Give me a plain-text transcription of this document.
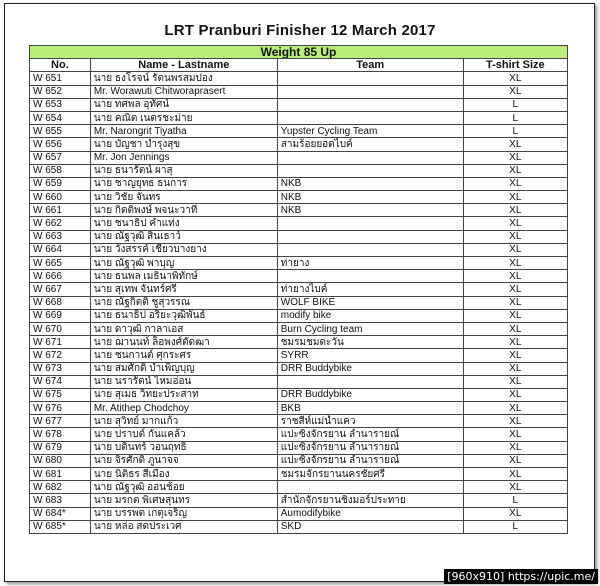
LRT Pranburi Finisher 12 March 2017
Weight 85 Up			
No.	Name - Lastname	Team	T-shirt Size
W 651	นาย ธงโรจน์ รัตนพรสมปอง		XL
W 652	Mr. Worawuti Chitworaprasert		XL
W 653	นาย ทศพล อุทัศน์		L
W 654	นาย คณิต เนตรชะม่าย		L
W 655	Mr. Narongrit Tiyatha	Yupster Cycling Team	L
W 656	นาย บัญชา บำรุงสุข	สามร้อยยอดไบค์	XL
W 657	Mr. Jon Jennings		XL
W 658	นาย ธนารัตน์ ผาสุ		XL
W 659	นาย ชาญยุทธ ธนการ	NKB	XL
W 660	นาย วิชัย จันทร	NKB	XL
W 661	นาย กิตติพงษ์ พจนะวาที	NKB	XL
W 662	นาย ชนาธิป คำแท่ง		XL
W 663	นาย ณัฐวุฒิ สินเธาว์		XL
W 664	นาย วังสรรค์ เชี่ยวบางยาง		XL
W 665	นาย ณัฐวุฒิ พาบุญ	ท่ายาง	XL
W 666	นาย ธนพล เมธินาพิทักษ์		XL
W 667	นาย สุเทพ จันทร์ศรี	ท่ายางไบค์	XL
W 668	นาย ณัฐกิตติ์ ชูสุวรรณ	WOLF BIKE	XL
W 669	นาย ธนาธิป อริยะวุฒิพันธ์	modify bike	XL
W 670	นาย ดาวุฒิ กาลาเอส	Burn Cycling team	XL
W 671	นาย ฌานนท์ ล็อพงศ์ตัดฒา	ชมรมชมดะวัน	XL
W 672	นาย ชนกานต์ ศุกระศร	SYRR	XL
W 673	นาย สมศักดิ์ บำเพ็ญบุญ	DRR Buddybike	XL
W 674	นาย นรารัตน์ ไหมอ่อน		XL
W 675	นาย สุเมธ วิทยะประสาท	DRR Buddybike	XL
W 676	Mr. Atithep Chodchoy	BKB	XL
W 677	นาย สุวิทย์ มากแก้ว	ราชสีห์แม่น้ำแคว	XL
W 678	นาย ปราบต์ กันแคล้ว	แปะซิ่งจักรยาน ลำนารายณ์	XL
W 679	นาย บดินทร์ วอนฤทธิ์	แปะซิ่งจักรยาน ลำนารายณ์	XL
W 680	นาย จิรศักดิ์ ภูนาจจ	แปะซิ่งจักรยาน ลำนารายณ์	XL
W 681	นาย นิติธร สีเมือง	ชมรมจักรยานนครชัยศรี	XL
W 682	นาย ณัฐวุฒิ ออนช้อย		XL
W 683	นาย มรกต พิเศษสุนทร	สำนักจักรยานชิงมอร์ประทาย	L
W 684*	นาย บรรพต เกตุเจริญ	Aumodifybike	XL
W 685*	นาย หล่อ สดประเวศ	SKD	L
[960x910] https://upic.me/
